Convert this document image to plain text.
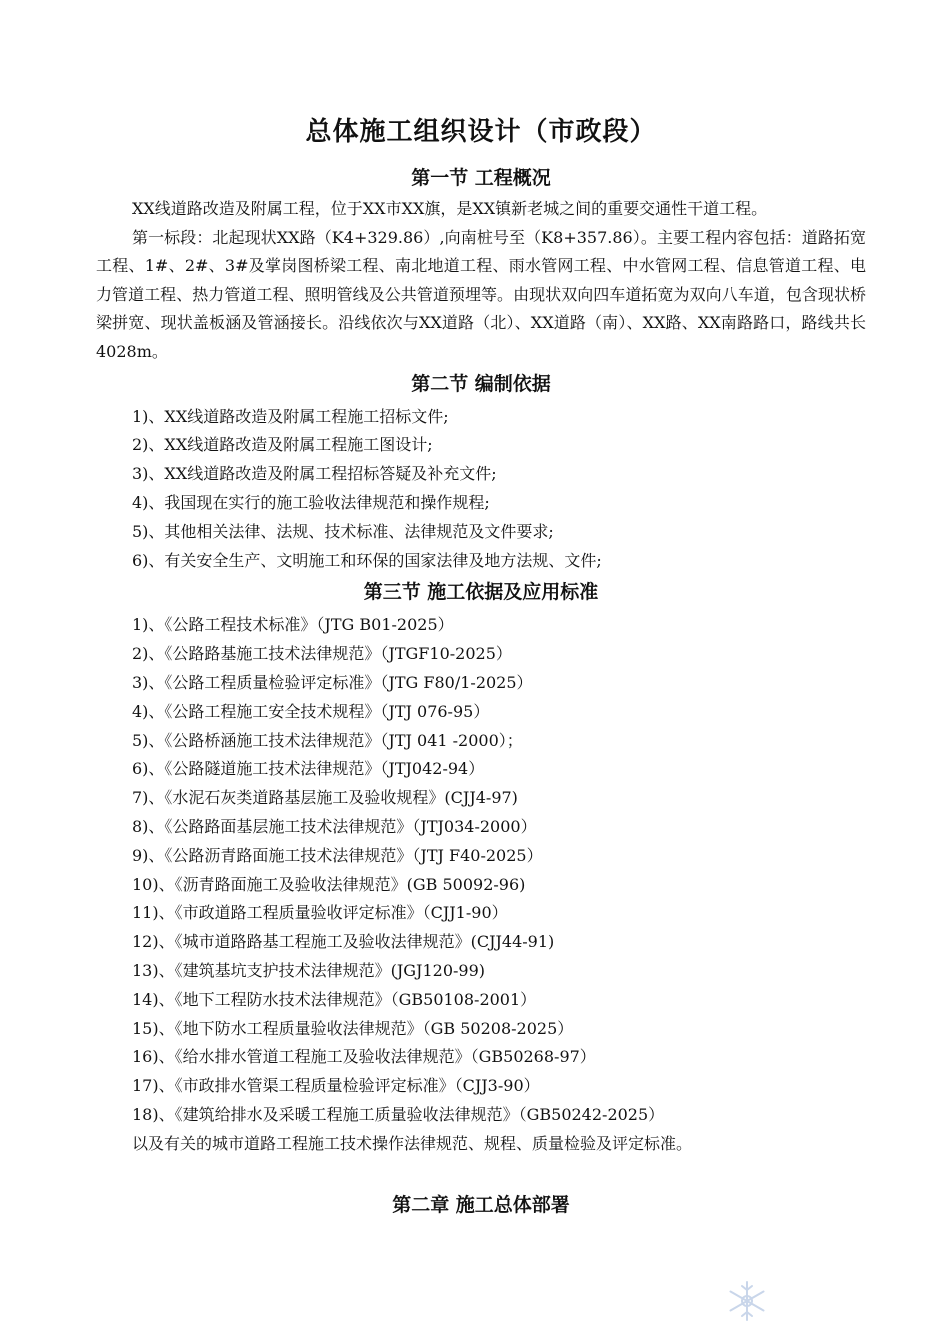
总体施工组织设计（市政段）
第一节 工程概况

XX线道路改造及附属工程，位于XX市XX旗，是XX镇新老城之间的重要交通性干道工程。

第一标段：北起现状XX路（K4+329.86）,向南桩号至（K8+357.86）。主要工程内容包括：道路拓宽工程、1#、2#、3#及掌岗图桥梁工程、南北地道工程、雨水管网工程、中水管网工程、信息管道工程、电力管道工程、热力管道工程、照明管线及公共管道预埋等。由现状双向四车道拓宽为双向八车道，包含现状桥梁拼宽、现状盖板涵及管涵接长。沿线依次与XX道路（北）、XX道路（南）、XX路、XX南路路口，路线共长4028m。

第二节 编制依据
1)、XX线道路改造及附属工程施工招标文件;
2)、XX线道路改造及附属工程施工图设计;
3)、XX线道路改造及附属工程招标答疑及补充文件;
4)、我国现在实行的施工验收法律规范和操作规程;
5)、其他相关法律、法规、技术标准、法律规范及文件要求;
6)、有关安全生产、文明施工和环保的国家法律及地方法规、文件;
第三节 施工依据及应用标准
1)、《公路工程技术标准》（JTG B01-2025）
2)、《公路路基施工技术法律规范》（JTGF10-2025）
3)、《公路工程质量检验评定标准》（JTG F80/1-2025）
4)、《公路工程施工安全技术规程》（JTJ 076-95）
5)、《公路桥涵施工技术法律规范》（JTJ 041 -2000）；
6)、《公路隧道施工技术法律规范》（JTJ042-94）
7)、《水泥石灰类道路基层施工及验收规程》(CJJ4-97)
8)、《公路路面基层施工技术法律规范》（JTJ034-2000）
9)、《公路沥青路面施工技术法律规范》（JTJ F40-2025）
10)、《沥青路面施工及验收法律规范》(GB 50092-96)
11)、《市政道路工程质量验收评定标准》（CJJ1-90）
12)、《城市道路路基工程施工及验收法律规范》(CJJ44-91)
13)、《建筑基坑支护技术法律规范》(JGJ120-99)
14)、《地下工程防水技术法律规范》（GB50108-2001）
15)、《地下防水工程质量验收法律规范》（GB 50208-2025）
16)、《给水排水管道工程施工及验收法律规范》（GB50268-97）
17)、《市政排水管渠工程质量检验评定标准》（CJJ3-90）
18)、《建筑给排水及采暖工程施工质量验收法律规范》（GB50242-2025）

以及有关的城市道路工程施工技术操作法律规范、规程、质量检验及评定标准。

第二章 施工总体部署
